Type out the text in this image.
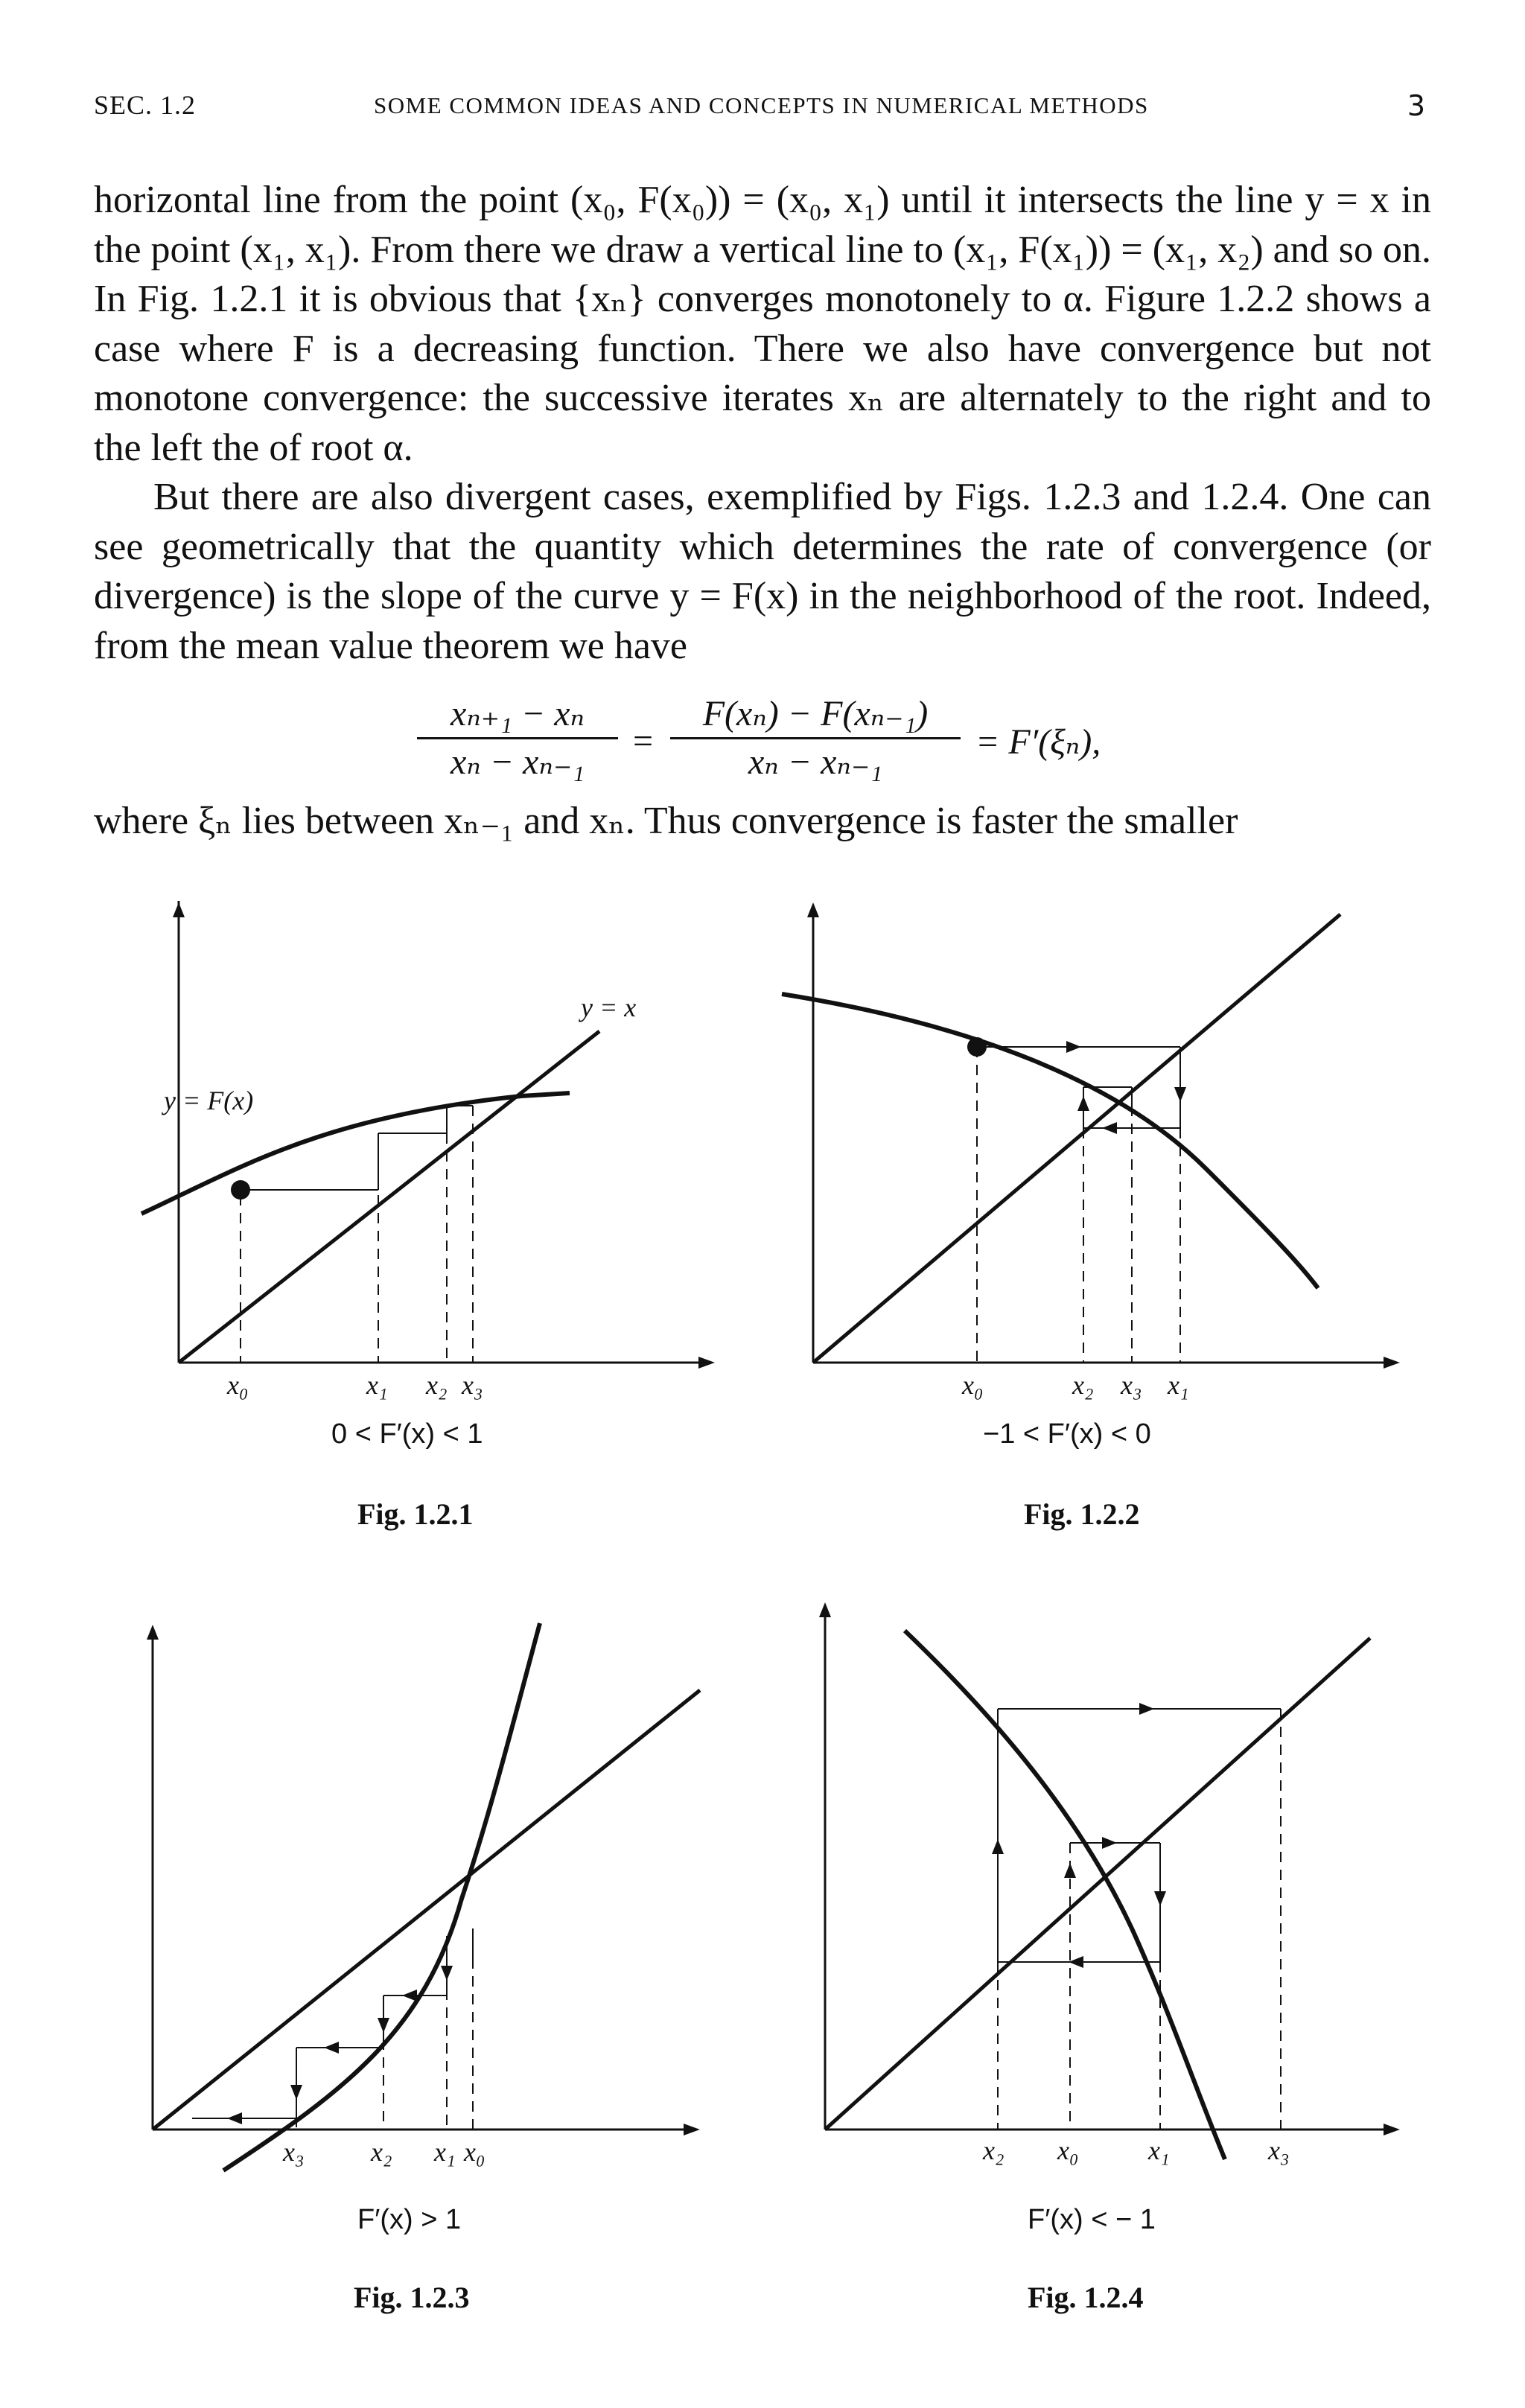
SEC. 1.2	SOME COMMON IDEAS AND CONCEPTS IN NUMERICAL METHODS	3

horizontal line from the point (x₀, F(x₀)) = (x₀, x₁) until it intersects the line y = x in the point (x₁, x₁). From there we draw a vertical line to (x₁, F(x₁)) = (x₁, x₂) and so on. In Fig. 1.2.1 it is obvious that {xₙ} converges monotonely to α. Figure 1.2.2 shows a case where F is a decreasing function. There we also have convergence but not monotone convergence: the successive iterates xₙ are alternately to the right and to the left the of root α.

But there are also divergent cases, exemplified by Figs. 1.2.3 and 1.2.4. One can see geometrically that the quantity which determines the rate of convergence (or divergence) is the slope of the curve y = F(x) in the neighborhood of the root. Indeed, from the mean value theorem we have

$\frac{\text{xₙ₊₁ − xₙ}}{\text{xₙ − xₙ₋₁}} = \frac{\text{F(xₙ) − F(xₙ₋₁)}}{\text{xₙ − xₙ₋₁}} = F'(\xi_n)$,
where ξₙ lies between xₙ₋₁ and xₙ. Thus convergence is faster the smaller
y = F(x)
y = x
x₀	x₁ x₂ x₃
0 < F′(x) < 1
Fig. 1.2.1
x₀	x₂ x₃ x₁
−1 < F′(x) < 0
Fig. 1.2.2
x₃ x₂ x₁ x₀
F′(x) > 1
Fig. 1.2.3
x₂ x₀	x₁	x₃
F′(x) < − 1
Fig. 1.2.4
